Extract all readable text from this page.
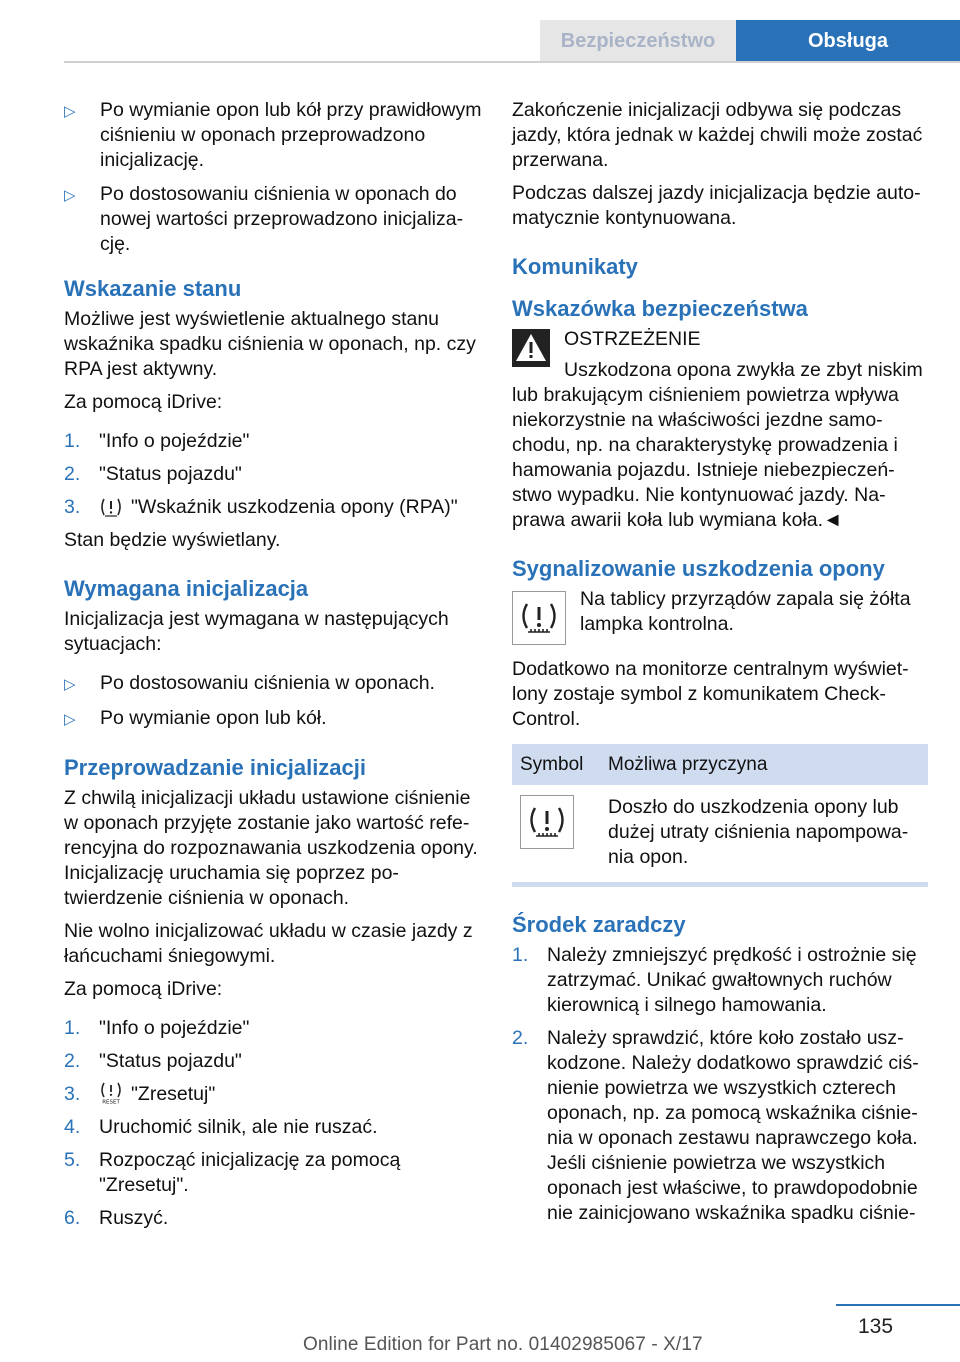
Bezpieczeństwo	Obsługa
▷	Po wymianie opon lub kół przy prawidłowym ciśnieniu w oponach przeprowadzono inicjalizację.
▷	Po dostosowaniu ciśnienia w oponach do nowej wartości przeprowadzono inicjalizację.
Wskazanie stanu

Możliwe jest wyświetlenie aktualnego stanu wskaźnika spadku ciśnienia w oponach, np. czy RPA jest aktywny.

Za pomocą iDrive:

1. "Info o pojeździe"
2. "Status pojazdu"
3.	"Wskaźnik uszkodzenia opony (RPA)"

Stan będzie wyświetlany.

Wymagana inicjalizacja

Inicjalizacja jest wymagana w następujących sytuacjach:

▷	Po dostosowaniu ciśnienia w oponach.
▷	Po wymianie opon lub kół.
Przeprowadzanie inicjalizacji

Z chwilą inicjalizacji układu ustawione ciśnienie w oponach przyjęte zostanie jako wartość referencyjna do rozpoznawania uszkodzenia opony. Inicjalizację uruchamia się poprzez potwierdzenie ciśnienia w oponach.

Nie wolno inicjalizować układu w czasie jazdy z łańcuchami śniegowymi.

Za pomocą iDrive:

1. "Info o pojeździe"
2. "Status pojazdu"
3.	RESET "Zresetuj"
4. Uruchomić silnik, ale nie ruszać.
5. Rozpocząć inicjalizację za pomocą "Zresetuj".
6. Ruszyć.

Zakończenie inicjalizacji odbywa się podczas jazdy, która jednak w każdej chwili może zostać przerwana.

Podczas dalszej jazdy inicjalizacja będzie automatycznie kontynuowana.

Komunikaty
Wskazówka bezpieczeństwa

OSTRZEŻENIE

Uszkodzona opona zwykła ze zbyt niskim lub brakującym ciśnieniem powietrza wpływa niekorzystnie na właściwości jezdne samochodu, np. na charakterystykę prowadzenia i hamowania pojazdu. Istnieje niebezpieczeństwo wypadku. Nie kontynuować jazdy. Naprawa awarii koła lub wymiana koła.◄

Sygnalizowanie uszkodzenia opony
Na tablicy przyrządów zapala się żółta lampka kontrolna.

Dodatkowo na monitorze centralnym wyświetlony zostaje symbol z komunikatem Check-Control.

Symbol	Możliwa przyczyna

	Doszło do uszkodzenia opony lub dużej utraty ciśnienia napompowania opon.
Środek zaradczy
1. Należy zmniejszyć prędkość i ostrożnie się zatrzymać. Unikać gwałtownych ruchów kierownicą i silnego hamowania.
2. Należy sprawdzić, które koło zostało uszkodzone. Należy dodatkowo sprawdzić ciśnienie powietrza we wszystkich czterech oponach, np. za pomocą wskaźnika ciśnienia w oponach zestawu naprawczego koła. Jeśli ciśnienie powietrza we wszystkich oponach jest właściwe, to prawdopodobnie nie zainicjowano wskaźnika spadku ciśnie-
135
Online Edition for Part no. 01402985067 - X/17
